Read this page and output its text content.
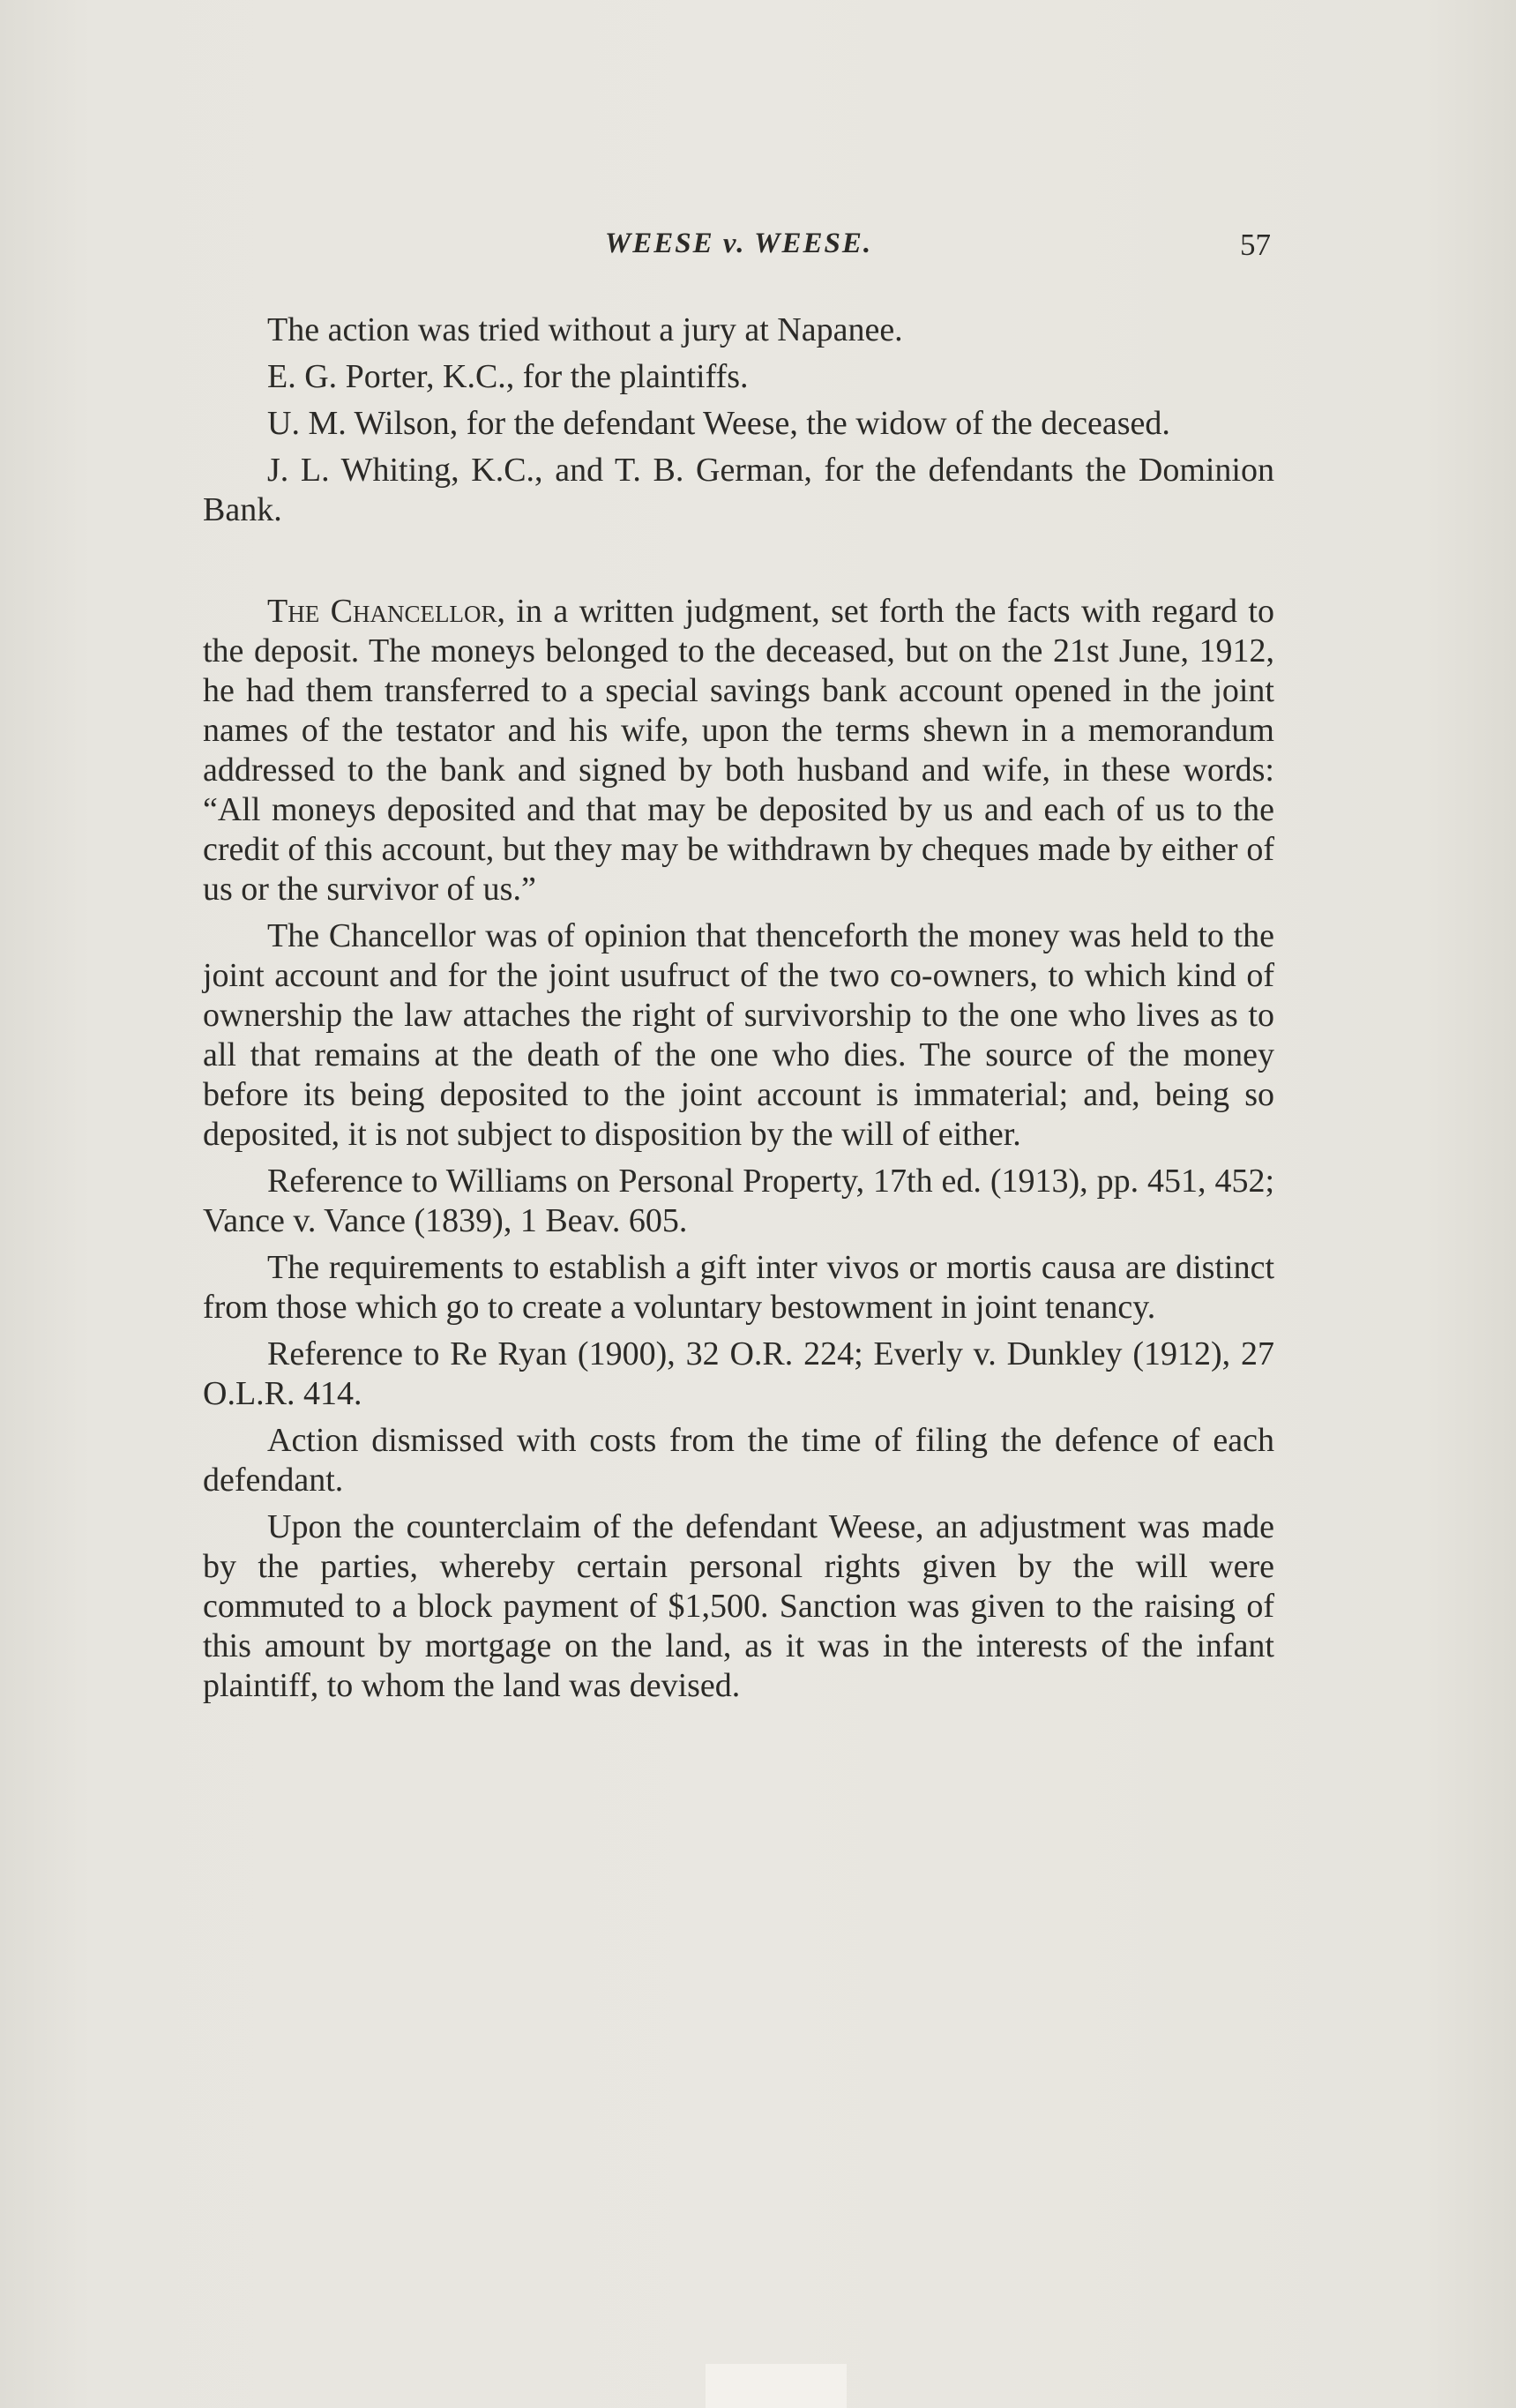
WEESE v. WEESE.	57

The action was tried without a jury at Napanee.

E. G. Porter, K.C., for the plaintiffs.

U. M. Wilson, for the defendant Weese, the widow of the deceased.

J. L. Whiting, K.C., and T. B. German, for the defendants the Dominion Bank.

The Chancellor, in a written judgment, set forth the facts with regard to the deposit. The moneys belonged to the deceased, but on the 21st June, 1912, he had them transferred to a special savings bank account opened in the joint names of the testator and his wife, upon the terms shewn in a memorandum addressed to the bank and signed by both husband and wife, in these words: “All moneys deposited and that may be deposited by us and each of us to the credit of this account, but they may be withdrawn by cheques made by either of us or the survivor of us.”

The Chancellor was of opinion that thenceforth the money was held to the joint account and for the joint usufruct of the two co-owners, to which kind of ownership the law attaches the right of survivorship to the one who lives as to all that remains at the death of the one who dies. The source of the money before its being deposited to the joint account is immaterial; and, being so deposited, it is not subject to disposition by the will of either.

Reference to Williams on Personal Property, 17th ed. (1913), pp. 451, 452; Vance v. Vance (1839), 1 Beav. 605.

The requirements to establish a gift inter vivos or mortis causa are distinct from those which go to create a voluntary bestowment in joint tenancy.

Reference to Re Ryan (1900), 32 O.R. 224; Everly v. Dunkley (1912), 27 O.L.R. 414.

Action dismissed with costs from the time of filing the defence of each defendant.

Upon the counterclaim of the defendant Weese, an adjustment was made by the parties, whereby certain personal rights given by the will were commuted to a block payment of $1,500. Sanction was given to the raising of this amount by mortgage on the land, as it was in the interests of the infant plaintiff, to whom the land was devised.
